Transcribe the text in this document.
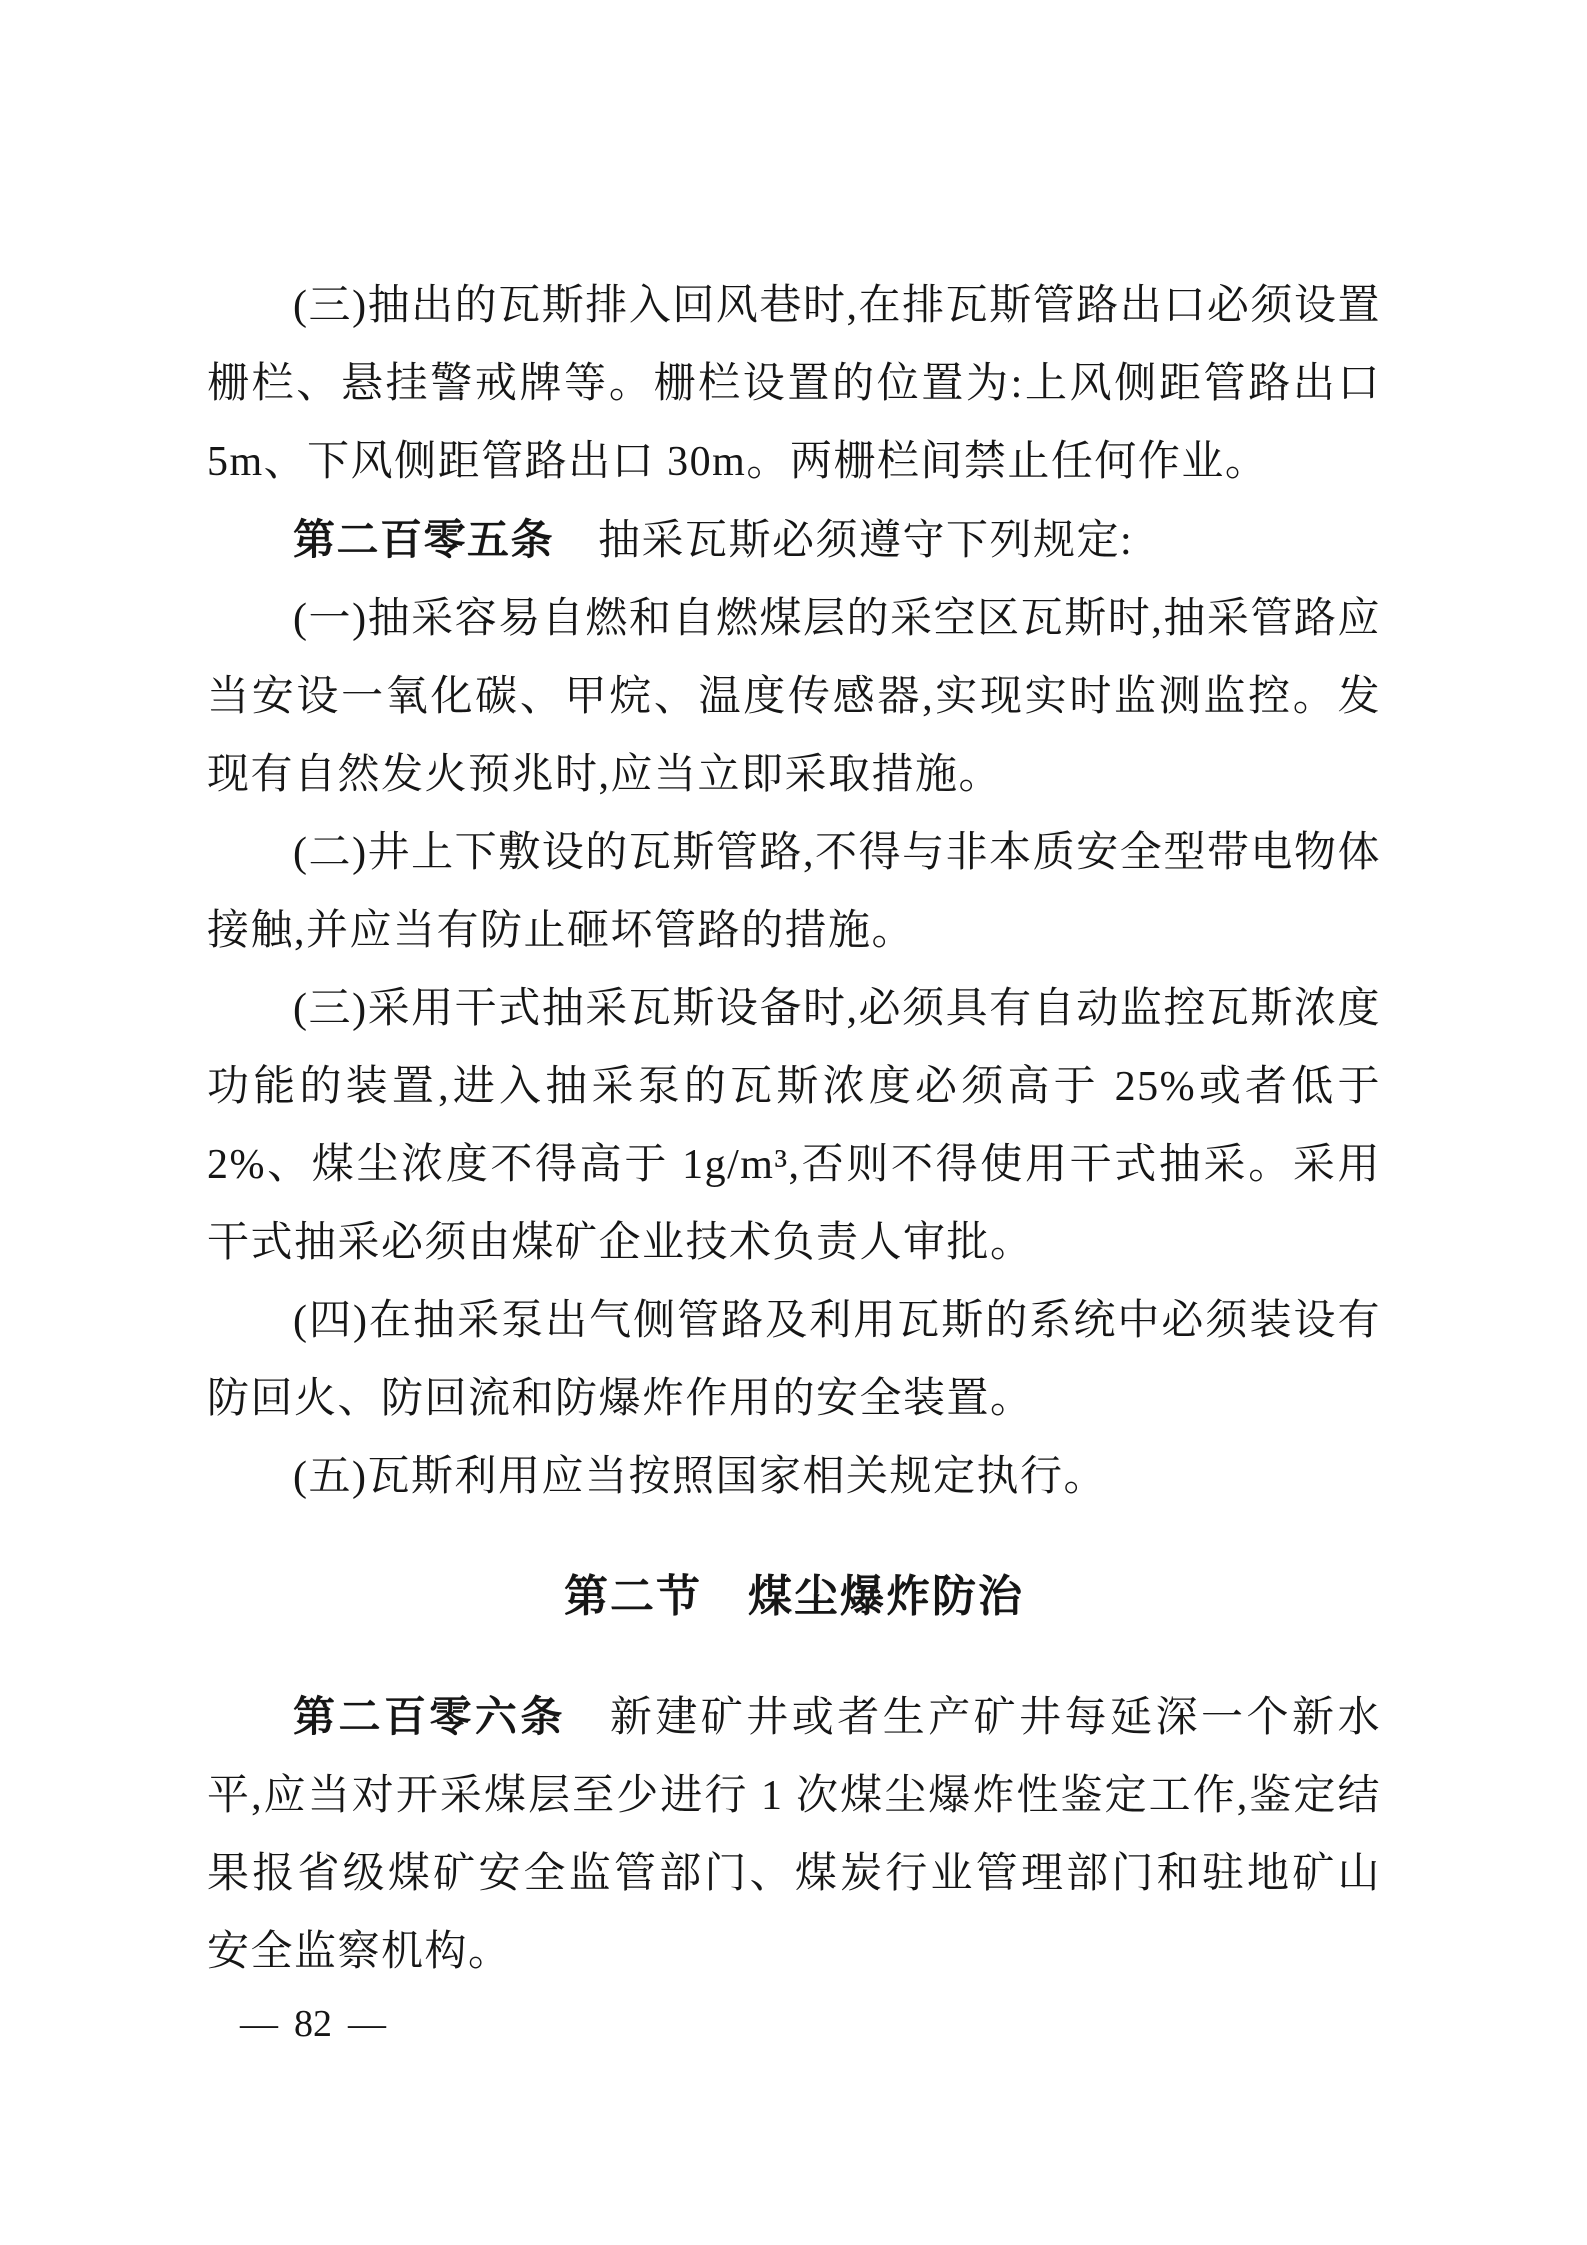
(三)抽出的瓦斯排入回风巷时,在排瓦斯管路出口必须设置栅栏、悬挂警戒牌等。栅栏设置的位置为:上风侧距管路出口 5m、下风侧距管路出口 30m。两栅栏间禁止任何作业。

第二百零五条 抽采瓦斯必须遵守下列规定:

(一)抽采容易自燃和自燃煤层的采空区瓦斯时,抽采管路应当安设一氧化碳、甲烷、温度传感器,实现实时监测监控。发现有自然发火预兆时,应当立即采取措施。

(二)井上下敷设的瓦斯管路,不得与非本质安全型带电物体接触,并应当有防止砸坏管路的措施。

(三)采用干式抽采瓦斯设备时,必须具有自动监控瓦斯浓度功能的装置,进入抽采泵的瓦斯浓度必须高于 25%或者低于 2%、煤尘浓度不得高于 1g/m³,否则不得使用干式抽采。采用干式抽采必须由煤矿企业技术负责人审批。

(四)在抽采泵出气侧管路及利用瓦斯的系统中必须装设有防回火、防回流和防爆炸作用的安全装置。

(五)瓦斯利用应当按照国家相关规定执行。

第二节　煤尘爆炸防治

第二百零六条 新建矿井或者生产矿井每延深一个新水平,应当对开采煤层至少进行 1 次煤尘爆炸性鉴定工作,鉴定结果报省级煤矿安全监管部门、煤炭行业管理部门和驻地矿山安全监察机构。

— 82 —
